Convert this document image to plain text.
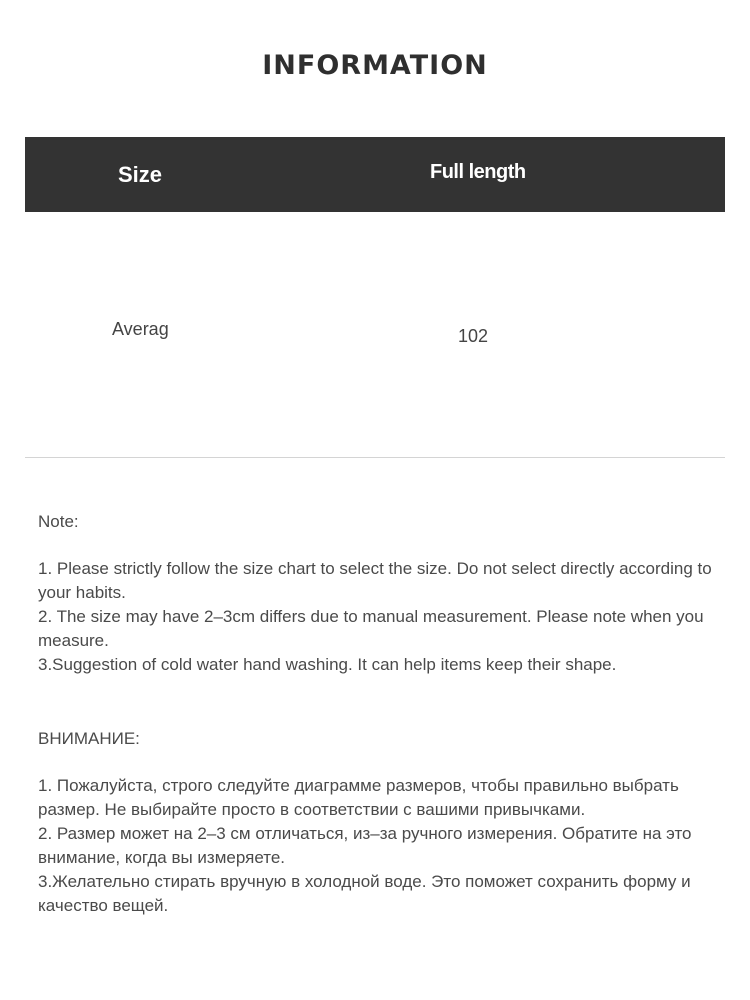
INFORMATION
Size	Full length
Averag	102
Note:

1. Please strictly follow the size chart to select the size. Do not select directly according to your habits.

2. The size may have 2–3cm differs due to manual measurement. Please note when you measure.

3.Suggestion of cold water hand washing. It can help items keep their shape.

ВНИМАНИЕ:

1. Пожалуйста, строго следуйте диаграмме размеров, чтобы правильно выбрать размер. Не выбирайте просто в соответствии с вашими привычками.

2. Размер может на 2–3 см отличаться, из–за ручного измерения. Обратите на это внимание, когда вы измеряете.

3.Желательно стирать вручную в холодной воде. Это поможет сохранить форму и качество вещей.
